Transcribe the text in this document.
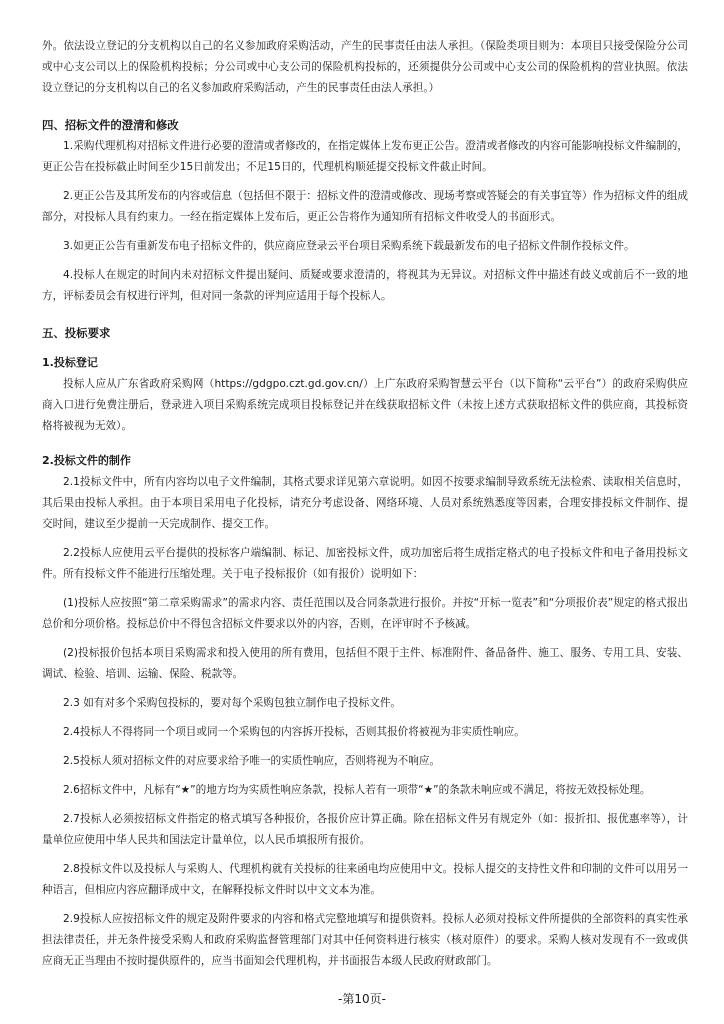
外。依法设立登记的分支机构以自己的名义参加政府采购活动，产生的民事责任由法人承担。（保险类项目则为：本项目只接受保险分公司或中心支公司以上的保险机构投标；分公司或中心支公司的保险机构投标的，还须提供分公司或中心支公司的保险机构的营业执照。依法设立登记的分支机构以自己的名义参加政府采购活动，产生的民事责任由法人承担。）

四、招标文件的澄清和修改

1.采购代理机构对招标文件进行必要的澄清或者修改的，在指定媒体上发布更正公告。澄清或者修改的内容可能影响投标文件编制的，更正公告在投标截止时间至少15日前发出；不足15日的，代理机构顺延提交投标文件截止时间。

2.更正公告及其所发布的内容或信息（包括但不限于：招标文件的澄清或修改、现场考察或答疑会的有关事宜等）作为招标文件的组成部分，对投标人具有约束力。一经在指定媒体上发布后，更正公告将作为通知所有招标文件收受人的书面形式。

3.如更正公告有重新发布电子招标文件的，供应商应登录云平台项目采购系统下载最新发布的电子招标文件制作投标文件。

4.投标人在规定的时间内未对招标文件提出疑问、质疑或要求澄清的，将视其为无异议。对招标文件中描述有歧义或前后不一致的地方，评标委员会有权进行评判，但对同一条款的评判应适用于每个投标人。

五、投标要求
1.投标登记

投标人应从广东省政府采购网（https://gdgpo.czt.gd.gov.cn/）上广东政府采购智慧云平台（以下简称“云平台”）的政府采购供应商入口进行免费注册后，登录进入项目采购系统完成项目投标登记并在线获取招标文件（未按上述方式获取招标文件的供应商，其投标资格将被视为无效）。

2.投标文件的制作

2.1投标文件中，所有内容均以电子文件编制，其格式要求详见第六章说明。如因不按要求编制导致系统无法检索、读取相关信息时，其后果由投标人承担。由于本项目采用电子化投标，请充分考虑设备、网络环境、人员对系统熟悉度等因素，合理安排投标文件制作、提交时间，建议至少提前一天完成制作、提交工作。

2.2投标人应使用云平台提供的投标客户端编制、标记、加密投标文件，成功加密后将生成指定格式的电子投标文件和电子备用投标文件。所有投标文件不能进行压缩处理。关于电子投标报价（如有报价）说明如下：

(1)投标人应按照“第二章采购需求”的需求内容、责任范围以及合同条款进行报价。并按“开标一览表”和“分项报价表”规定的格式报出总价和分项价格。投标总价中不得包含招标文件要求以外的内容，否则，在评审时不予核减。

(2)投标报价包括本项目采购需求和投入使用的所有费用，包括但不限于主件、标准附件、备品备件、施工、服务、专用工具、安装、调试、检验、培训、运输、保险、税款等。

2.3 如有对多个采购包投标的，要对每个采购包独立制作电子投标文件。

2.4投标人不得将同一个项目或同一个采购包的内容拆开投标，否则其报价将被视为非实质性响应。

2.5投标人须对招标文件的对应要求给予唯一的实质性响应，否则将视为不响应。

2.6招标文件中，凡标有“★”的地方均为实质性响应条款，投标人若有一项带“★”的条款未响应或不满足，将按无效投标处理。

2.7投标人必须按招标文件指定的格式填写各种报价，各报价应计算正确。除在招标文件另有规定外（如：报折扣、报优惠率等），计量单位应使用中华人民共和国法定计量单位，以人民币填报所有报价。

2.8投标文件以及投标人与采购人、代理机构就有关投标的往来函电均应使用中文。投标人提交的支持性文件和印制的文件可以用另一种语言，但相应内容应翻译成中文，在解释投标文件时以中文文本为准。

2.9投标人应按招标文件的规定及附件要求的内容和格式完整地填写和提供资料。投标人必须对投标文件所提供的全部资料的真实性承担法律责任，并无条件接受采购人和政府采购监督管理部门对其中任何资料进行核实（核对原件）的要求。采购人核对发现有不一致或供应商无正当理由不按时提供原件的，应当书面知会代理机构，并书面报告本级人民政府财政部门。

-第10页-
